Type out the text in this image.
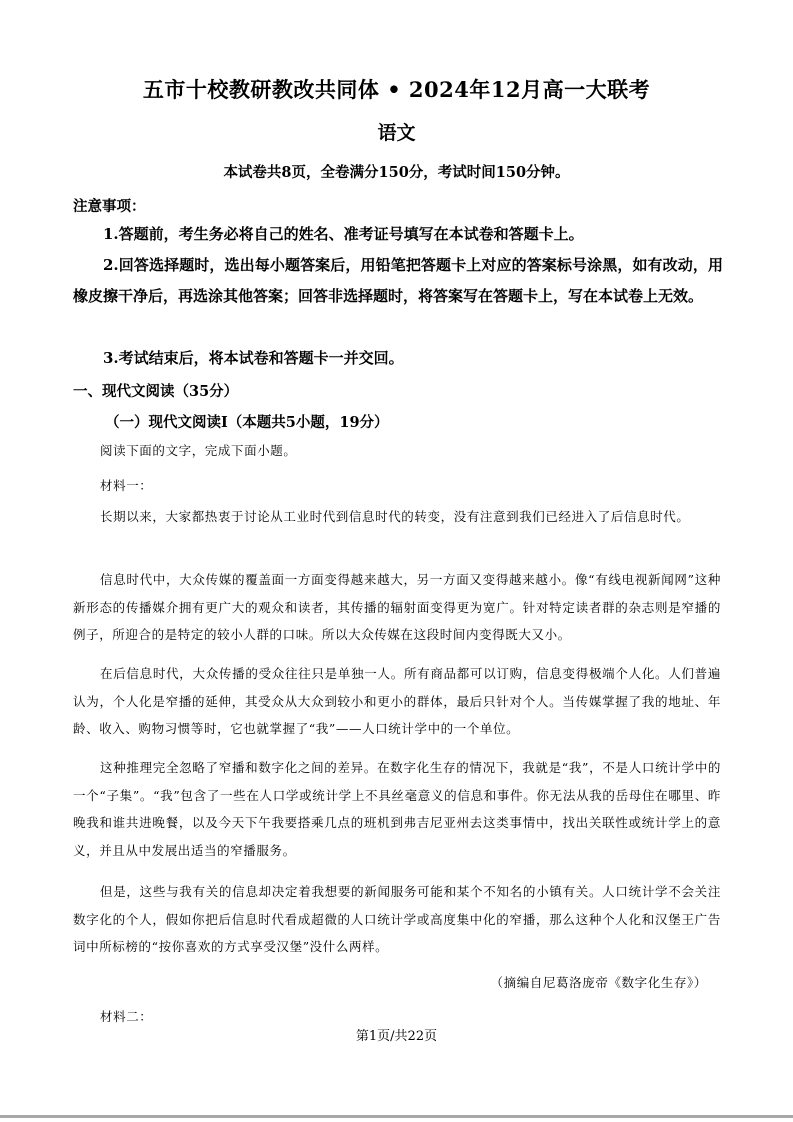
五市十校教研教改共同体 • 2024年12月高一大联考
语文
本试卷共8页，全卷满分150分，考试时间150分钟。
注意事项：
1.答题前，考生务必将自己的姓名、准考证号填写在本试卷和答题卡上。
2.回答选择题时，选出每小题答案后，用铅笔把答题卡上对应的答案标号涂黑，如有改动，用橡皮擦干净后，再选涂其他答案；回答非选择题时，将答案写在答题卡上，写在本试卷上无效。
3.考试结束后，将本试卷和答题卡一并交回。
一、现代文阅读（35分）
（一）现代文阅读Ⅰ（本题共5小题，19分）
阅读下面的文字，完成下面小题。
材料一：
长期以来，大家都热衷于讨论从工业时代到信息时代的转变，没有注意到我们已经进入了后信息时代。
信息时代中，大众传媒的覆盖面一方面变得越来越大，另一方面又变得越来越小。像“有线电视新闻网”这种新形态的传播媒介拥有更广大的观众和读者，其传播的辐射面变得更为宽广。针对特定读者群的杂志则是窄播的例子，所迎合的是特定的较小人群的口味。所以大众传媒在这段时间内变得既大又小。
在后信息时代，大众传播的受众往往只是单独一人。所有商品都可以订购，信息变得极端个人化。人们普遍认为，个人化是窄播的延伸，其受众从大众到较小和更小的群体，最后只针对个人。当传媒掌握了我的地址、年龄、收入、购物习惯等时，它也就掌握了“我”——人口统计学中的一个单位。
这种推理完全忽略了窄播和数字化之间的差异。在数字化生存的情况下，我就是“我”，不是人口统计学中的一个“子集”。“我”包含了一些在人口学或统计学上不具丝毫意义的信息和事件。你无法从我的岳母住在哪里、昨晚我和谁共进晚餐，以及今天下午我要搭乘几点的班机到弗吉尼亚州去这类事情中，找出关联性或统计学上的意义，并且从中发展出适当的窄播服务。
但是，这些与我有关的信息却决定着我想要的新闻服务可能和某个不知名的小镇有关。人口统计学不会关注数字化的个人，假如你把后信息时代看成超微的人口统计学或高度集中化的窄播，那么这种个人化和汉堡王广告词中所标榜的“按你喜欢的方式享受汉堡”没什么两样。
（摘编自尼葛洛庞帝《数字化生存》）
材料二：
第1页/共22页
